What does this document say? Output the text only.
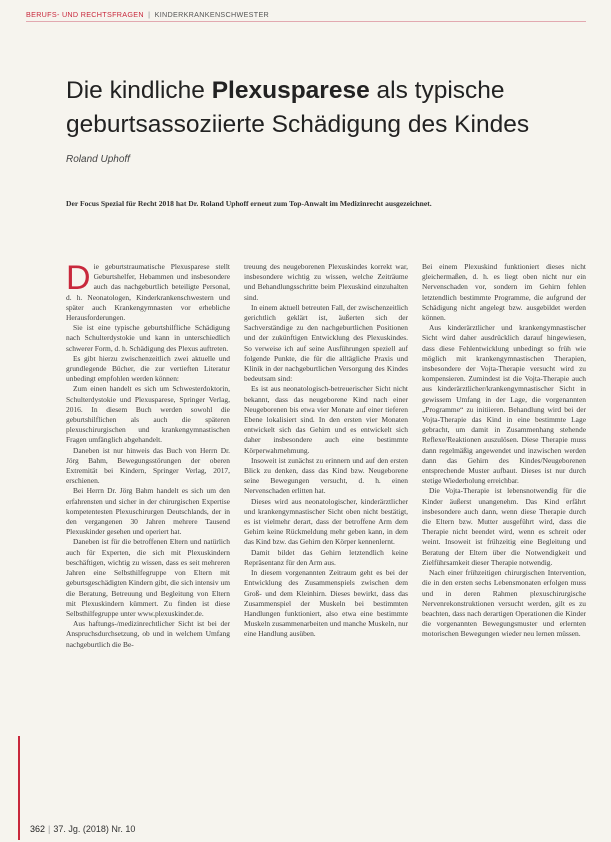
BERUFS- UND RECHTSFRAGEN | KINDERKRANKENSCHWESTER
Die kindliche Plexusparese als typische geburtsassoziierte Schädigung des Kindes
Roland Uphoff
Der Focus Spezial für Recht 2018 hat Dr. Roland Uphoff erneut zum Top-Anwalt im Medizinrecht ausgezeichnet.
D ie geburtstraumatische Plexusparese stellt Geburtshelfer, Hebammen und insbesondere auch das nachgeburtlich beteiligte Personal, d. h. Neonatologen, Kinderkrankenschwestern und später auch Krankengymnasten vor erhebliche Herausforderungen.

Sie ist eine typische geburtshilfliche Schädigung nach Schulterdystokie und kann in unterschiedlich schwerer Form, d. h. Schädigung des Plexus auftreten.

Es gibt hierzu zwischenzeitlich zwei aktuelle und grundlegende Bücher, die zur vertieften Literatur unbedingt empfohlen werden können:

Zum einen handelt es sich um Schwesterdoktorin, Schulterdystokie und Plexusparese, Springer Verlag, 2016. In diesem Buch werden sowohl die geburtshilflichen als auch die späteren plexuschirurgischen und krankengymnastischen Fragen umfänglich abgehandelt.

Daneben ist nur hinweis das Buch von Herrn Dr. Jörg Bahm, Bewegungsstörungen der oberen Extremität bei Kindern, Springer Verlag, 2017, erschienen.

Bei Herrn Dr. Jörg Bahm handelt es sich um den erfahrensten und sicher in der chirurgischen Expertise kompetentesten Plexuschirurgen Deutschlands, der in den vergangenen 30 Jahren mehrere Tausend Plexuskinder gesehen und operiert hat.

Daneben ist für die betroffenen Eltern und natürlich auch für Experten, die sich mit Plexuskindern beschäftigen, wichtig zu wissen, dass es seit mehreren Jahren eine Selbsthilfegruppe von Eltern mit geburtsgeschädigten Kindern gibt, die sich intensiv um die Beratung, Betreuung und Begleitung von Eltern mit Plexuskindern kümmert. Zu finden ist diese Selbsthilfegruppe unter www.plexuskinder.de.

Aus haftungs-/medizinrechtlicher Sicht ist bei der Anspruchsdurchsetzung, ob und in welchem Umfang nachgeburtlich die Be-

treuung des neugeborenen Plexuskindes korrekt war, insbesondere wichtig zu wissen, welche Zeiträume und Behandlungsschritte beim Plexuskind einzuhalten sind.

In einem aktuell betreuten Fall, der zwischenzeitlich gerichtlich geklärt ist, äußerten sich der Sachverständige zu den nachgeburtlichen Positionen und der zukünftigen Entwicklung des Plexuskindes. So verweise ich auf seine Ausführungen speziell auf folgende Punkte, die für die alltägliche Praxis und Klinik in der nachgeburtlichen Versorgung des Kindes bedeutsam sind:

Es ist aus neonatologisch-betreuerischer Sicht nicht bekannt, dass das neugeborene Kind nach einer Neugeborenen bis etwa vier Monate auf einer tieferen Ebene lokalisiert sind. In den ersten vier Monaten entwickelt sich das Gehirn und es entwickelt sich daher insbesondere auch eine bestimmte Körperwahrnehmung.

Insoweit ist zunächst zu erinnern und auf den ersten Blick zu denken, dass das Kind bzw. Neugeborene seine Bewegungen versucht, d. h. einen Nervenschaden erlitten hat.

Dieses wird aus neonatologischer, kinderärztlicher und krankengymnastischer Sicht oben nicht bestätigt, es ist vielmehr derart, dass der betroffene Arm dem Gehirn keine Rückmeldung mehr geben kann, in dem das Kind bzw. das Gehirn den Körper kennenlernt.

Damit bildet das Gehirn letztendlich keine Repräsentanz für den Arm aus.

In diesem vorgenannten Zeitraum geht es bei der Entwicklung des Zusammenspiels zwischen dem Groß- und dem Kleinhirn. Dieses bewirkt, dass das Zusammenspiel der Muskeln bei bestimmten Handlungen funktioniert, also etwa eine bestimmte Muskeln zusammenarbeiten und manche Muskeln, nur eine Handlung ausüben.

Bei einem Plexuskind funktioniert dieses nicht gleichermaßen, d. h. es liegt oben nicht nur ein Nervenschaden vor, sondern im Gehirn fehlen letztendlich bestimmte Programme, die aufgrund der Schädigung nicht angelegt bzw. ausgebildet werden können.

Aus kinderärztlicher und krankengymnastischer Sicht wird daher ausdrücklich darauf hingewiesen, dass diese Fehlentwicklung unbedingt so früh wie möglich mit krankengymnastischen Therapien, insbesondere der Vojta-Therapie versucht wird zu kompensieren. Zumindest ist die Vojta-Therapie auch aus kinderärztlicher/krankengymnastischer Sicht in gewissem Umfang in der Lage, die vorgenannten „Programme“ zu initiieren. Behandlung wird bei der Vojta-Therapie das Kind in eine bestimmte Lage gebracht, um damit in Zusammenhang stehende Reflexe/Reaktionen auszulösen. Diese Therapie muss dann regelmäßig angewendet und inzwischen werden dann das Gehirn des Kindes/Neugeborenen entsprechende Muster aufbaut. Dieses ist nur durch stetige Wiederholung erreichbar.

Die Vojta-Therapie ist lebensnotwendig für die Kinder äußerst unangenehm. Das Kind erfährt insbesondere auch dann, wenn diese Therapie durch die Eltern bzw. Mutter ausgeführt wird, dass die Therapie nicht beendet wird, wenn es schreit oder weint. Insoweit ist frühzeitig eine Begleitung und Beratung der Eltern über die Notwendigkeit und Zielführsamkeit dieser Therapie notwendig.

Nach einer frühzeitigen chirurgischen Intervention, die in den ersten sechs Lebensmonaten erfolgen muss und in deren Rahmen plexuschirurgische Nervenrekonstruktionen versucht werden, gilt es zu beachten, dass nach derartigen Operationen die Kinder die vorgenannten Bewegungsmuster und erlernten motorischen Bewegungen wieder neu lernen müssen.

362 | 37. Jg. (2018) Nr. 10
